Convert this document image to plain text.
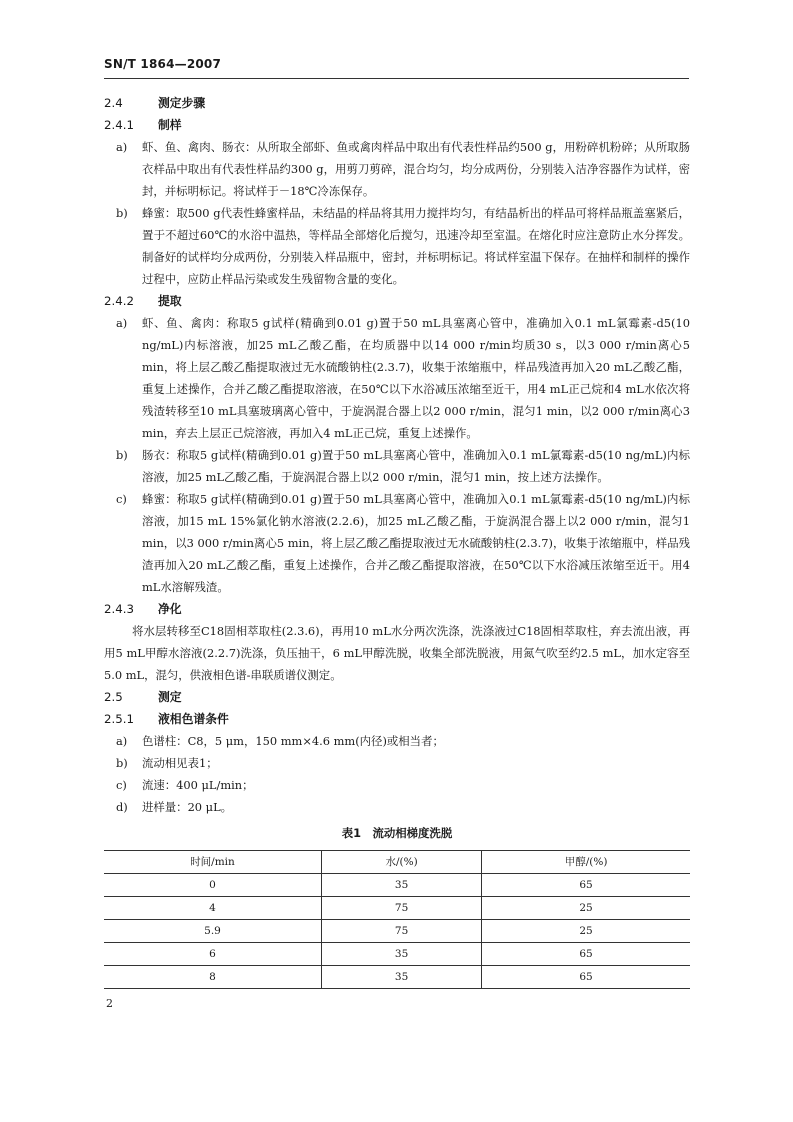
SN/T 1864—2007

2.4	测定步骤

2.4.1 制样

a) 虾、鱼、禽肉、肠衣：从所取全部虾、鱼或禽肉样品中取出有代表性样品约500 g，用粉碎机粉碎；从所取肠衣样品中取出有代表性样品约300 g，用剪刀剪碎，混合均匀，均分成两份，分别装入洁净容器作为试样，密封，并标明标记。将试样于－18℃冷冻保存。
b) 蜂蜜：取500 g代表性蜂蜜样品，未结晶的样品将其用力搅拌均匀，有结晶析出的样品可将样品瓶盖塞紧后，置于不超过60℃的水浴中温热，等样品全部熔化后搅匀，迅速冷却至室温。在熔化时应注意防止水分挥发。制备好的试样均分成两份，分别装入样品瓶中，密封，并标明标记。将试样室温下保存。在抽样和制样的操作过程中，应防止样品污染或发生残留物含量的变化。

2.4.2 提取

a) 虾、鱼、禽肉：称取5 g试样(精确到0.01 g)置于50 mL具塞离心管中，准确加入0.1 mL氯霉素-d5(10 ng/mL)内标溶液，加25 mL乙酸乙酯，在均质器中以14 000 r/min均质30 s，以3 000 r/min离心5 min，将上层乙酸乙酯提取液过无水硫酸钠柱(2.3.7)，收集于浓缩瓶中，样品残渣再加入20 mL乙酸乙酯，重复上述操作，合并乙酸乙酯提取溶液，在50℃以下水浴减压浓缩至近干，用4 mL正己烷和4 mL水依次将残渣转移至10 mL具塞玻璃离心管中，于旋涡混合器上以2 000 r/min，混匀1 min，以2 000 r/min离心3 min，弃去上层正己烷溶液，再加入4 mL正己烷，重复上述操作。
b) 肠衣：称取5 g试样(精确到0.01 g)置于50 mL具塞离心管中，准确加入0.1 mL氯霉素-d5(10 ng/mL)内标溶液，加25 mL乙酸乙酯，于旋涡混合器上以2 000 r/min，混匀1 min，按上述方法操作。
c) 蜂蜜：称取5 g试样(精确到0.01 g)置于50 mL具塞离心管中，准确加入0.1 mL氯霉素-d5(10 ng/mL)内标溶液，加15 mL 15%氯化钠水溶液(2.2.6)，加25 mL乙酸乙酯，于旋涡混合器上以2 000 r/min，混匀1 min，以3 000 r/min离心5 min，将上层乙酸乙酯提取液过无水硫酸钠柱(2.3.7)，收集于浓缩瓶中，样品残渣再加入20 mL乙酸乙酯，重复上述操作，合并乙酸乙酯提取溶液，在50℃以下水浴减压浓缩至近干。用4 mL水溶解残渣。

2.4.3 净化

将水层转移至C18固相萃取柱(2.3.6)，再用10 mL水分两次洗涤，洗涤液过C18固相萃取柱，弃去流出液，再用5 mL甲醇水溶液(2.2.7)洗涤，负压抽干，6 mL甲醇洗脱，收集全部洗脱液，用氮气吹至约2.5 mL，加水定容至5.0 mL，混匀，供液相色谱-串联质谱仪测定。

2.5	测定

2.5.1 液相色谱条件

a) 色谱柱：C8，5 μm，150 mm×4.6 mm(内径)或相当者；
b) 流动相见表1；
c) 流速：400 μL/min；
d) 进样量：20 μL。
表1　流动相梯度洗脱
时间/min	水/(%)	甲醇/(%)
0	35	65
4	75	25
5.9	75	25
6	35	65
8	35	65
2
